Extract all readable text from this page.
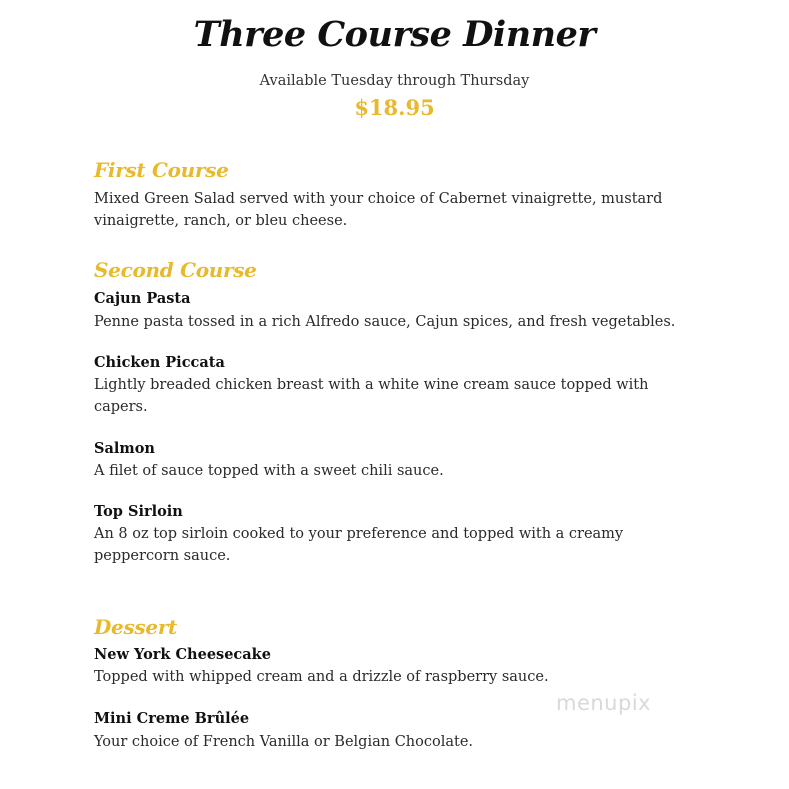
Three Course Dinner
Available Tuesday through Thursday
$18.95
First Course
Mixed Green Salad served with your choice of Cabernet vinaigrette, mustard vinaigrette, ranch, or bleu cheese.
Second Course
Cajun Pasta
Penne pasta tossed in a rich Alfredo sauce, Cajun spices, and fresh vegetables.
Chicken Piccata
Lightly breaded chicken breast with a white wine cream sauce topped with capers.
Salmon
A filet of sauce topped with a sweet chili sauce.
Top Sirloin
An 8 oz top sirloin cooked to your preference and topped with a creamy peppercorn sauce.
Dessert
New York Cheesecake
Topped with whipped cream and a drizzle of raspberry sauce.
Mini Creme Brûlée
Your choice of French Vanilla or Belgian Chocolate.
menupix
